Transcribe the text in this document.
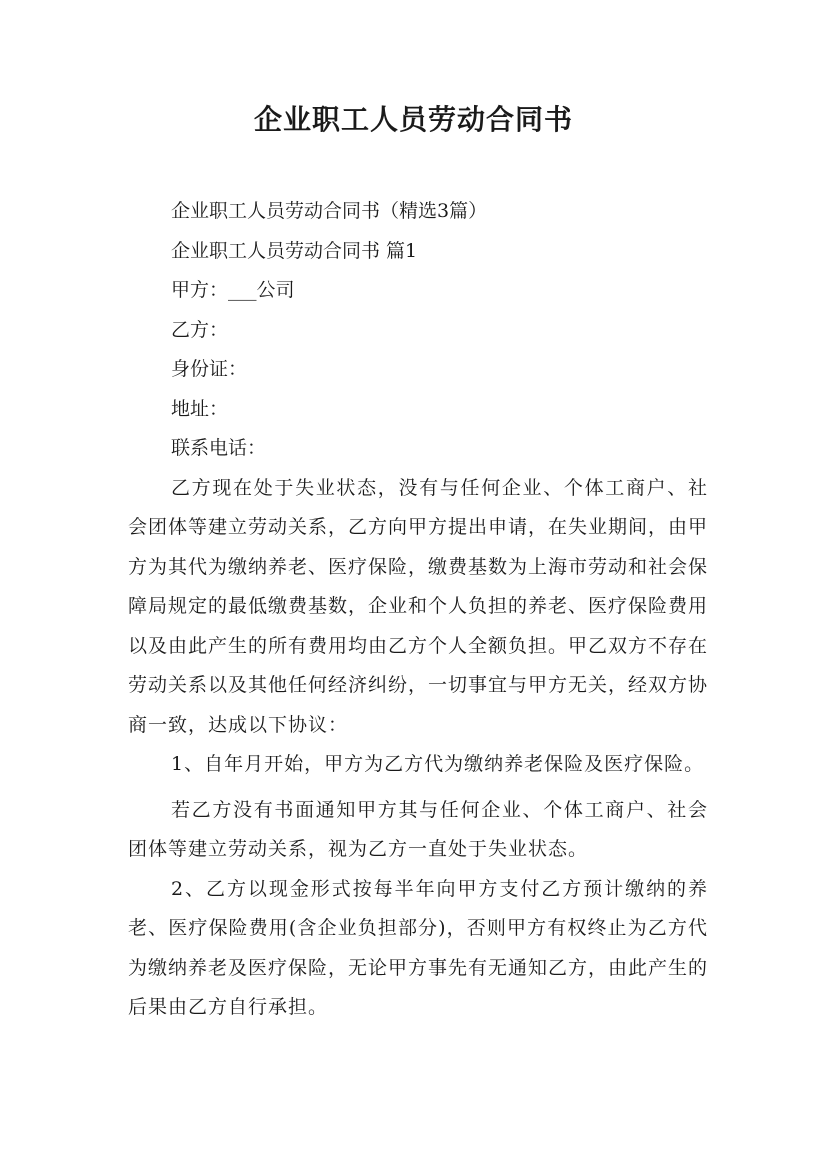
企业职工人员劳动合同书

企业职工人员劳动合同书（精选3篇）

企业职工人员劳动合同书 篇1

甲方：___公司

乙方：

身份证：

地址：

联系电话：

乙方现在处于失业状态，没有与任何企业、个体工商户、社会团体等建立劳动关系，乙方向甲方提出申请，在失业期间，由甲方为其代为缴纳养老、医疗保险，缴费基数为上海市劳动和社会保障局规定的最低缴费基数，企业和个人负担的养老、医疗保险费用以及由此产生的所有费用均由乙方个人全额负担。甲乙双方不存在劳动关系以及其他任何经济纠纷，一切事宜与甲方无关，经双方协商一致，达成以下协议：

1、自年月开始，甲方为乙方代为缴纳养老保险及医疗保险。

若乙方没有书面通知甲方其与任何企业、个体工商户、社会团体等建立劳动关系，视为乙方一直处于失业状态。

2、乙方以现金形式按每半年向甲方支付乙方预计缴纳的养老、医疗保险费用(含企业负担部分)，否则甲方有权终止为乙方代为缴纳养老及医疗保险，无论甲方事先有无通知乙方，由此产生的后果由乙方自行承担。
